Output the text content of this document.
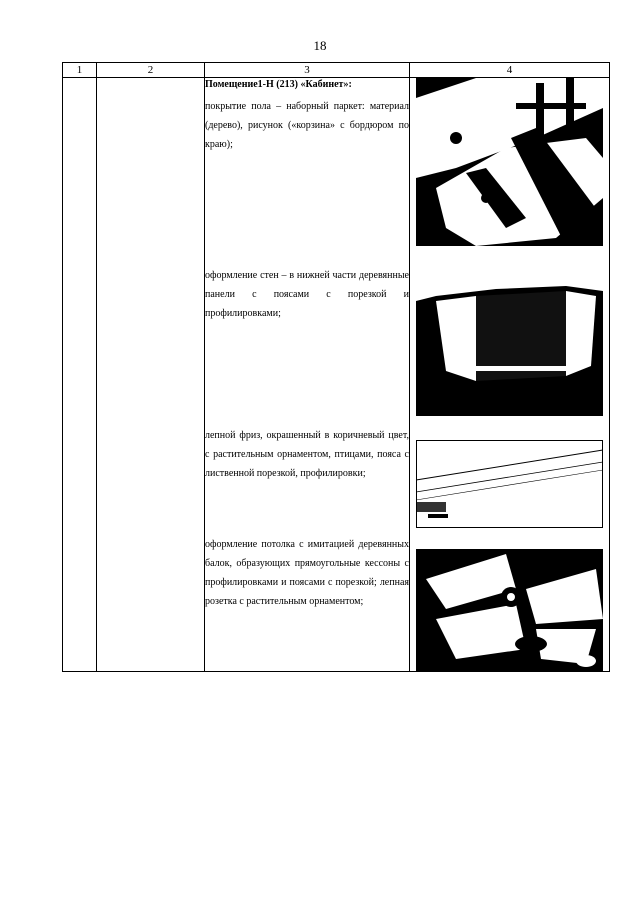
18
1	2	3	4

		Помещение1-Н (213) «Кабинет»:
покрытие пола – наборный паркет: материал (дерево), рисунок («корзина» с бордюром по краю);
оформление стен – в нижней части деревянные панели с поясами с порезкой и профилировками;
лепной фриз, окрашенный в коричневый цвет, с растительным орнаментом, птицами, пояса с лиственной порезкой, профилировки;
оформление потолка с имитацией деревянных балок, образующих прямоугольные кессоны с профилировками и поясами с порезкой; лепная розетка с растительным орнаментом;
